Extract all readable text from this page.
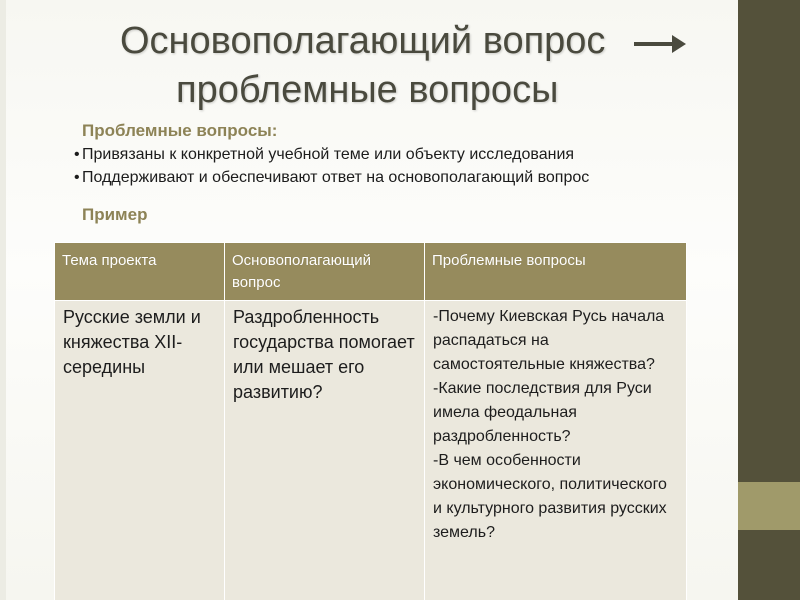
Основополагающий вопрос
проблемные вопросы
Проблемные вопросы:
• Привязаны к конкретной учебной теме или объекту исследования
• Поддерживают и обеспечивают ответ на основополагающий вопрос
Пример
Тема проекта	Основополагающий вопрос	Проблемные вопросы
Русские земли и княжества XII-середины	Раздробленность государства помогает или мешает его развитию?	-Почему Киевская Русь начала распадаться на самостоятельные княжества?

-Какие последствия для Руси имела феодальная раздробленность?

-В чем особенности экономического, политического и культурного развития русских земель?
